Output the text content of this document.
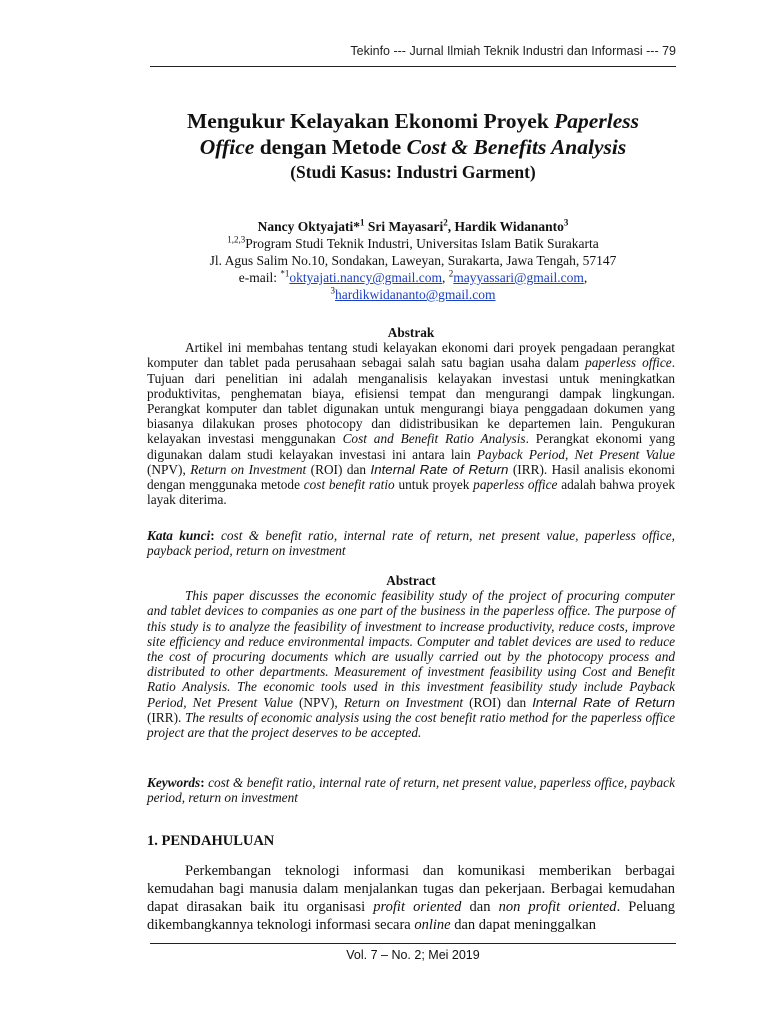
Tekinfo --- Jurnal Ilmiah Teknik Industri dan Informasi --- 79
Mengukur Kelayakan Ekonomi Proyek Paperless
Office dengan Metode Cost & Benefits Analysis
(Studi Kasus: Industri Garment)
Nancy Oktyajati*$^1$ Sri Mayasari$^2$, Hardik Widananto$^3$
$^{1,2,3}$Program Studi Teknik Industri, Universitas Islam Batik Surakarta
Jl. Agus Salim No.10, Sondakan, Laweyan, Surakarta, Jawa Tengah, 57147
e-mail: $^{*1}$oktyajati.nancy@gmail.com, $^2$mayyassari@gmail.com,
$^3$hardikwidananto@gmail.com
Abstrak
Artikel ini membahas tentang studi kelayakan ekonomi dari proyek pengadaan perangkat komputer dan tablet pada perusahaan sebagai salah satu bagian usaha dalam paperless office. Tujuan dari penelitian ini adalah menganalisis kelayakan investasi untuk meningkatkan produktivitas, penghematan biaya, efisiensi tempat dan mengurangi dampak lingkungan. Perangkat komputer dan tablet digunakan untuk mengurangi biaya penggadaan dokumen yang biasanya dilakukan proses photocopy dan didistribusikan ke departemen lain. Pengukuran kelayakan investasi menggunakan Cost and Benefit Ratio Analysis. Perangkat ekonomi yang digunakan dalam studi kelayakan investasi ini antara lain Payback Period, Net Present Value (NPV), Return on Investment (ROI) dan Internal Rate of Return (IRR). Hasil analisis ekonomi dengan menggunaka metode cost benefit ratio untuk proyek paperless office adalah bahwa proyek layak diterima.
Kata kunci: cost & benefit ratio, internal rate of return, net present value, paperless office, payback period, return on investment
Abstract
This paper discusses the economic feasibility study of the project of procuring computer and tablet devices to companies as one part of the business in the paperless office. The purpose of this study is to analyze the feasibility of investment to increase productivity, reduce costs, improve site efficiency and reduce environmental impacts. Computer and tablet devices are used to reduce the cost of procuring documents which are usually carried out by the photocopy process and distributed to other departments. Measurement of investment feasibility using Cost and Benefit Ratio Analysis. The economic tools used in this investment feasibility study include Payback Period, Net Present Value (NPV), Return on Investment (ROI) dan Internal Rate of Return (IRR). The results of economic analysis using the cost benefit ratio method for the paperless office project are that the project deserves to be accepted.
Keywords: cost & benefit ratio, internal rate of return, net present value, paperless office, payback period, return on investment
1. PENDAHULUAN
Perkembangan teknologi informasi dan komunikasi memberikan berbagai kemudahan bagi manusia dalam menjalankan tugas dan pekerjaan. Berbagai kemudahan dapat dirasakan baik itu organisasi profit oriented dan non profit oriented. Peluang dikembangkannya teknologi informasi secara online dan dapat meninggalkan
Vol. 7 – No. 2; Mei 2019
